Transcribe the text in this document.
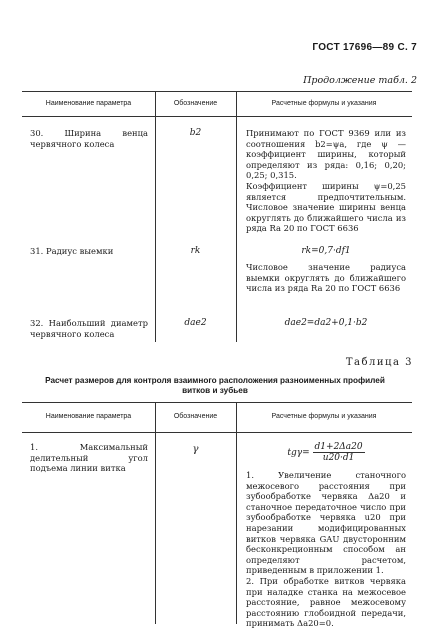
ГОСТ 17696—89 С. 7
Продолжение табл. 2
Наименование параметра	Обозначение	Расчетные формулы и указания
30. Ширина венца червячного колеса
b2	Принимают по ГОСТ 9369 или из соотношения b2=ψa, где ψ — коэффициент ширины, который определяют из ряда: 0,16; 0,20; 0,25; 0,315.
Коэффициент ширины ψ=0,25 является предпочтительным. Числовое значение ширины венца округлять до ближайшего числа из ряда Ra 20 по ГОСТ 6636
31. Радиус выемки	rk	rk=0,7·df1
Числовое значение радиуса выемки округлять до ближайшего числа из ряда Ra 20 по ГОСТ 6636
32. Наибольший диаметр червячного колеса
dae2	dae2=da2+0,1·b2
Таблица 3
Расчет размеров для контроля взаимного расположения разноименных профилей витков и зубьев
Наименование параметра	Обозначение	Расчетные формулы и указания
1. Максимальный делительный угол подъема линии витка
γ	$tg\gamma= \frac{d1+2\Delta a20}{u20\cdot d1}$
1. Увеличение станочного межосевого расстояния при зубообработке червяка Δa20 и станочное передаточное число при зубообработке червяка u20 при нарезании модифицированных витков червяка GAU двусторонним бесконкреционным способом ан определяют расчетом, приведенным в приложении 1.
2. При обработке витков червяка при наладке станка на межосевое расстояние, равное межосевому расстоянию глобоидной передачи, принимать Δa20=0.
